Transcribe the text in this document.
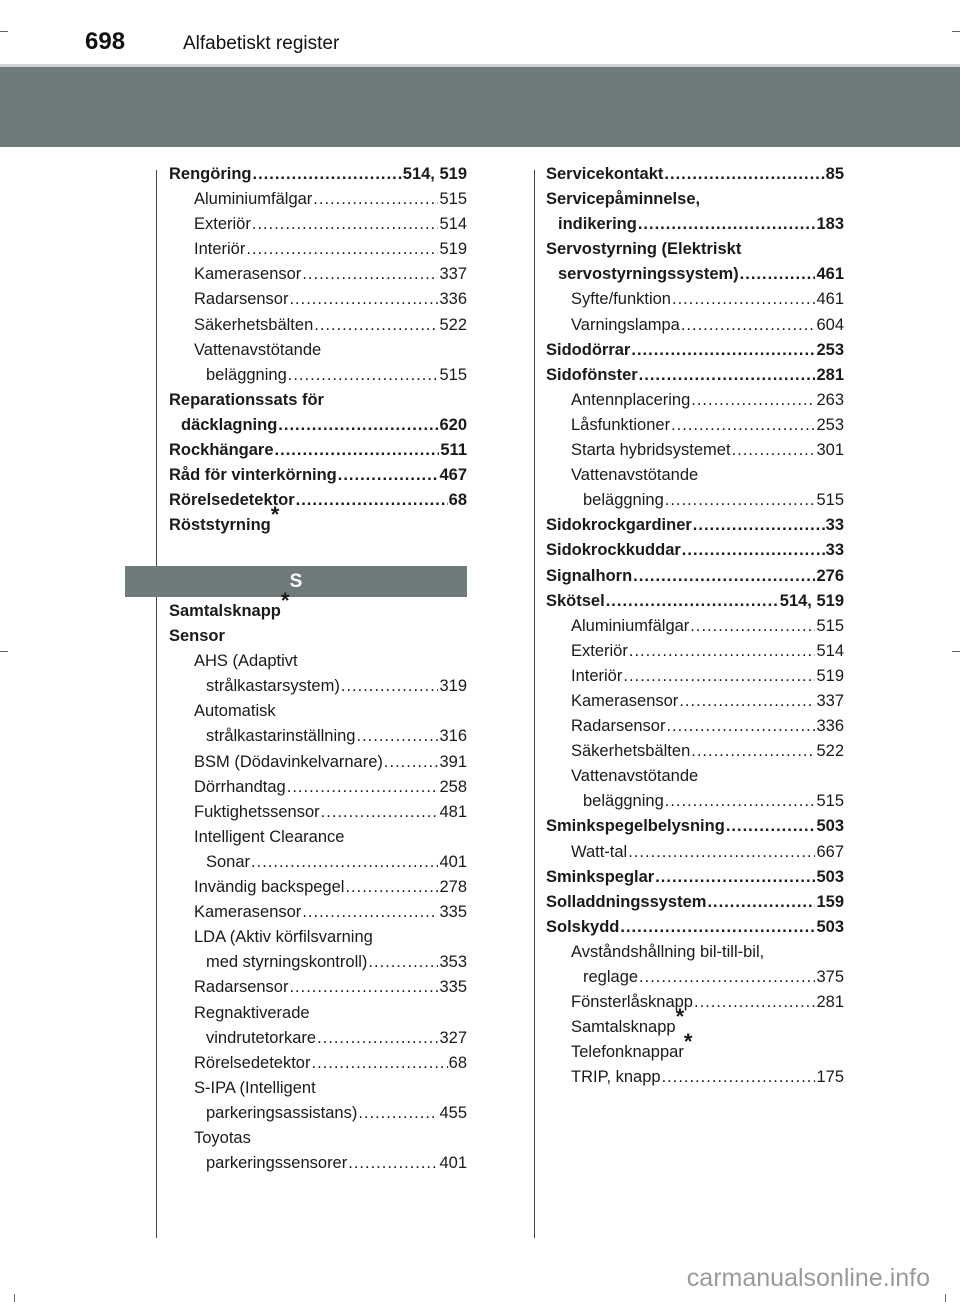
698	Alfabetiskt register
Rengöring .....	514, 519
Aluminiumfälgar .....	515
Exteriör .....	514
Interiör .....	519
Kamerasensor .....	337
Radarsensor .....	336
Säkerhetsbälten .....	522
Vattenavstötande
beläggning .....	515
Reparationssats för
däcklagning .....	620
Rockhängare .....	511
Råd för vinterkörning .....	467
Rörelsedetektor .....	68
Röststyrning*
S
Samtalsknapp*
Sensor
AHS (Adaptivt
strålkastarsystem) .....	319
Automatisk
strålkastarinställning .....	316
BSM (Dödavinkelvarnare) .....	391
Dörrhandtag .....	258
Fuktighetssensor .....	481
Intelligent Clearance
Sonar .....	401
Invändig backspegel .....	278
Kamerasensor .....	335
LDA (Aktiv körfilsvarning
med styrningskontroll) .....	353
Radarsensor .....	335
Regnaktiverade
vindrutetorkare .....	327
Rörelsedetektor .....	68
S-IPA (Intelligent
parkeringsassistans) .....	455
Toyotas
parkeringssensorer .....	401
Servicekontakt .....	85
Servicepåminnelse,
indikering .....	183
Servostyrning (Elektriskt
servostyrningssystem) .....	461
Syfte/funktion .....	461
Varningslampa .....	604
Sidodörrar .....	253
Sidofönster .....	281
Antennplacering .....	263
Låsfunktioner .....	253
Starta hybridsystemet .....	301
Vattenavstötande
beläggning .....	515
Sidokrockgardiner .....	33
Sidokrockkuddar .....	33
Signalhorn .....	276
Skötsel .....	514, 519
Aluminiumfälgar .....	515
Exteriör .....	514
Interiör .....	519
Kamerasensor .....	337
Radarsensor .....	336
Säkerhetsbälten .....	522
Vattenavstötande
beläggning .....	515
Sminkspegelbelysning .....	503
Watt-tal .....	667
Sminkspeglar .....	503
Solladdningssystem .....	159
Solskydd .....	503
Avståndshållning bil-till-bil,
reglage .....	375
Fönsterlåsknapp .....	281
Samtalsknapp*
Telefonknappar*
TRIP, knapp .....	175
carmanualsonline.info
